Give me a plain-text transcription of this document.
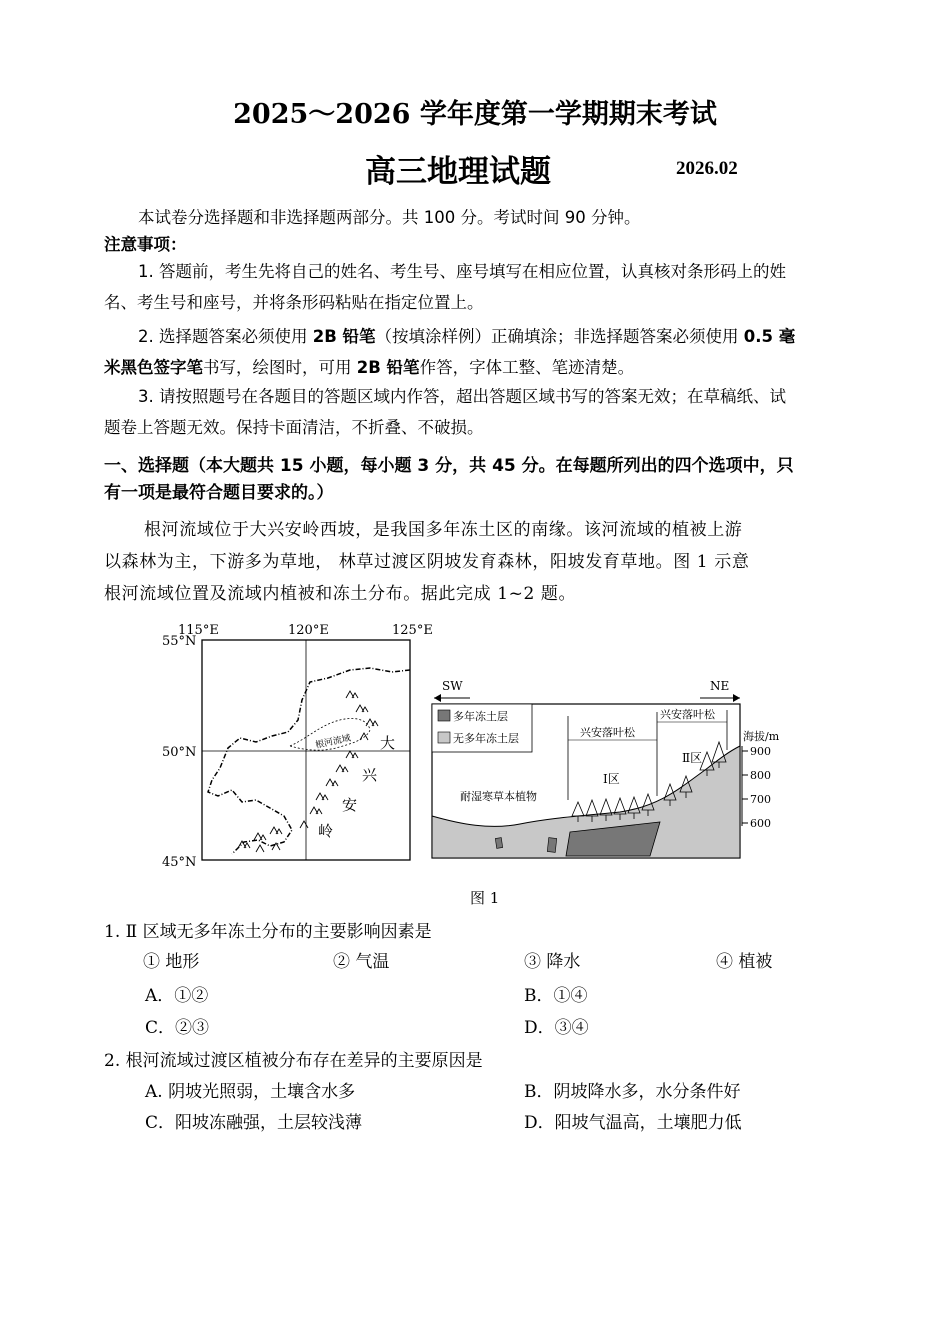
2025～2026 学年度第一学期期末考试
高三地理试题	2026.02
本试卷分选择题和非选择题两部分。共 100 分。考试时间 90 分钟。
注意事项：
1. 答题前，考生先将自己的姓名、考生号、座号填写在相应位置，认真核对条形码上的姓
名、考生号和座号，并将条形码粘贴在指定位置上。
2. 选择题答案必须使用 2B 铅笔（按填涂样例）正确填涂；非选择题答案必须使用 0.5 毫
米黑色签字笔书写，绘图时，可用 2B 铅笔作答，字体工整、笔迹清楚。
3. 请按照题号在各题目的答题区域内作答，超出答题区域书写的答案无效；在草稿纸、试
题卷上答题无效。保持卡面清洁，不折叠、不破损。
一、选择题（本大题共 15 小题，每小题 3 分，共 45 分。在每题所列出的四个选项中，只
有一项是最符合题目要求的。）
根河流域位于大兴安岭西坡，是我国多年冻土区的南缘。该河流域的植被上游
以森林为主，下游多为草地， 林草过渡区阴坡发育森林，阳坡发育草地。图 1 示意
根河流域位置及流域内植被和冻土分布。据此完成 1~2 题。
115°E	120°E	125°E
55°N
50°N
45°N
根河流域 大
兴
安
岭
SW	NE
多年冻土层
无多年冻土层	兴安落叶松
兴安落叶松
Ⅰ区
Ⅱ区
耐湿寒草本植物
海拔/m
900
800
700
600
图 1
1. Ⅱ 区域无多年冻土分布的主要影响因素是
① 地形	② 气温	③ 降水	④ 植被
A．①②	B．①④
C．②③	D．③④
2. 根河流域过渡区植被分布存在差异的主要原因是
A. 阴坡光照弱，土壤含水多	B．阴坡降水多，水分条件好
C．阳坡冻融强，土层较浅薄	D．阳坡气温高，土壤肥力低
